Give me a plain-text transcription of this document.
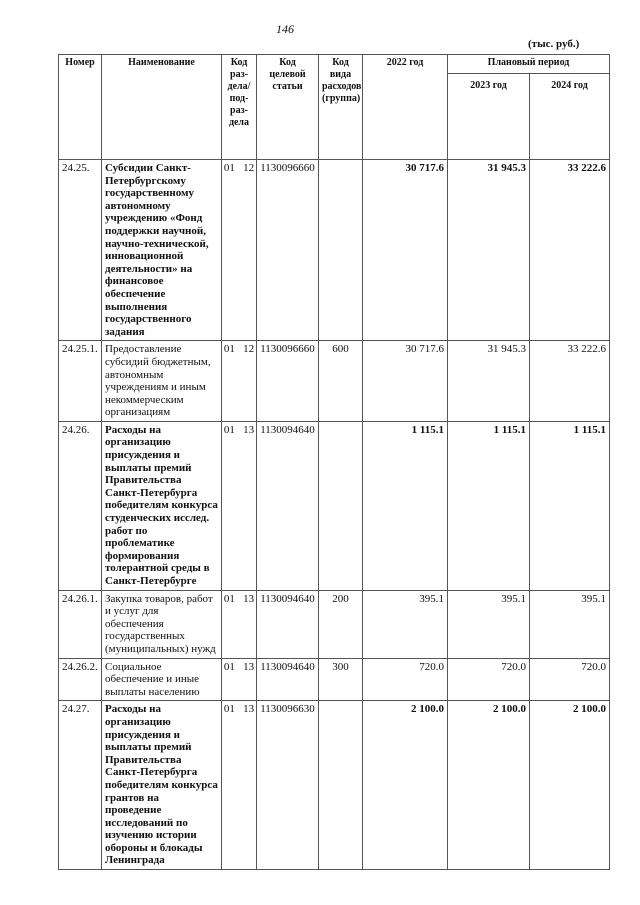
146
(тыс. руб.)
Номер	Наименование	Код раз-дела/ под-раз-дела	Код целевой статьи	Код вида расходов (группа)	2022 год	Плановый период	
						2023 год	2024 год
24.25.	Субсидии Санкт-Петербургскому государственному автономному учреждению «Фонд поддержки научной, научно-технической, инновационной деятельности» на финансовое обеспечение выполнения государственного задания	01 12	1130096660		30 717.6	31 945.3	33 222.6
24.25.1.	Предоставление субсидий бюджетным, автономным учреждениям и иным некоммерческим организациям	01 12	1130096660	600	30 717.6	31 945.3	33 222.6
24.26.	Расходы на организацию присуждения и выплаты премий Правительства Санкт-Петербурга победителям конкурса студенческих исслед. работ по проблематике формирования толерантной среды в Санкт-Петербурге	01 13	1130094640		1 115.1	1 115.1	1 115.1
24.26.1.	Закупка товаров, работ и услуг для обеспечения государственных (муниципальных) нужд	01 13	1130094640	200	395.1	395.1	395.1
24.26.2.	Социальное обеспечение и иные выплаты населению	01 13	1130094640	300	720.0	720.0	720.0
24.27.	Расходы на организацию присуждения и выплаты премий Правительства Санкт-Петербурга победителям конкурса грантов на проведение исследований по изучению истории обороны и блокады Ленинграда	01 13	1130096630		2 100.0	2 100.0	2 100.0
